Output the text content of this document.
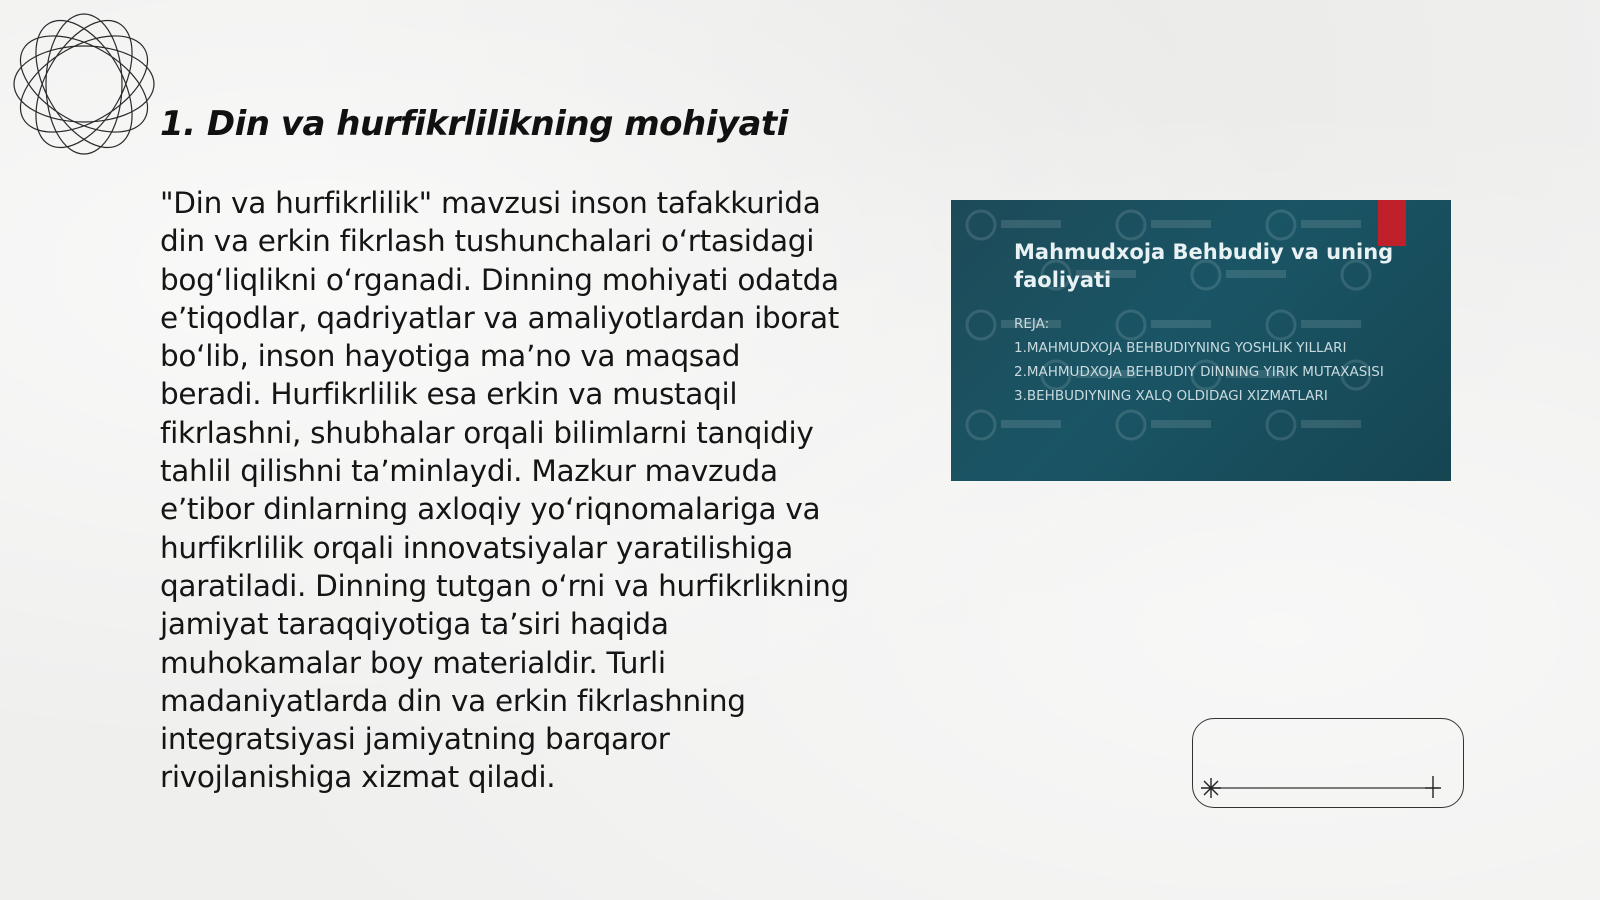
1. Din va hurfikrlilikning mohiyati

"Din va hurfikrlilik" mavzusi inson tafakkurida din va erkin fikrlash tushunchalari oʻrtasidagi bogʻliqlikni oʻrganadi. Dinning mohiyati odatda eʼtiqodlar, qadriyatlar va amaliyotlardan iborat boʻlib, inson hayotiga maʼno va maqsad beradi. Hurfikrlilik esa erkin va mustaqil fikrlashni, shubhalar orqali bilimlarni tanqidiy tahlil qilishni taʼminlaydi. Mazkur mavzuda eʼtibor dinlarning axloqiy yoʻriqnomalariga va hurfikrlilik orqali innovatsiyalar yaratilishiga qaratiladi. Dinning tutgan oʻrni va hurfikrlikning jamiyat taraqqiyotiga taʼsiri haqida muhokamalar boy materialdir. Turli madaniyatlarda din va erkin fikrlashning integratsiyasi jamiyatning barqaror rivojlanishiga xizmat qiladi.

Mahmudxoja Behbudiy va uning faoliyati
REJA:
1.MAHMUDXOJA BEHBUDIYNING YOSHLIK YILLARI
2.MAHMUDXOJA BEHBUDIY DINNING YIRIK MUTAXASISI
3.BEHBUDIYNING XALQ OLDIDAGI XIZMATLARI
